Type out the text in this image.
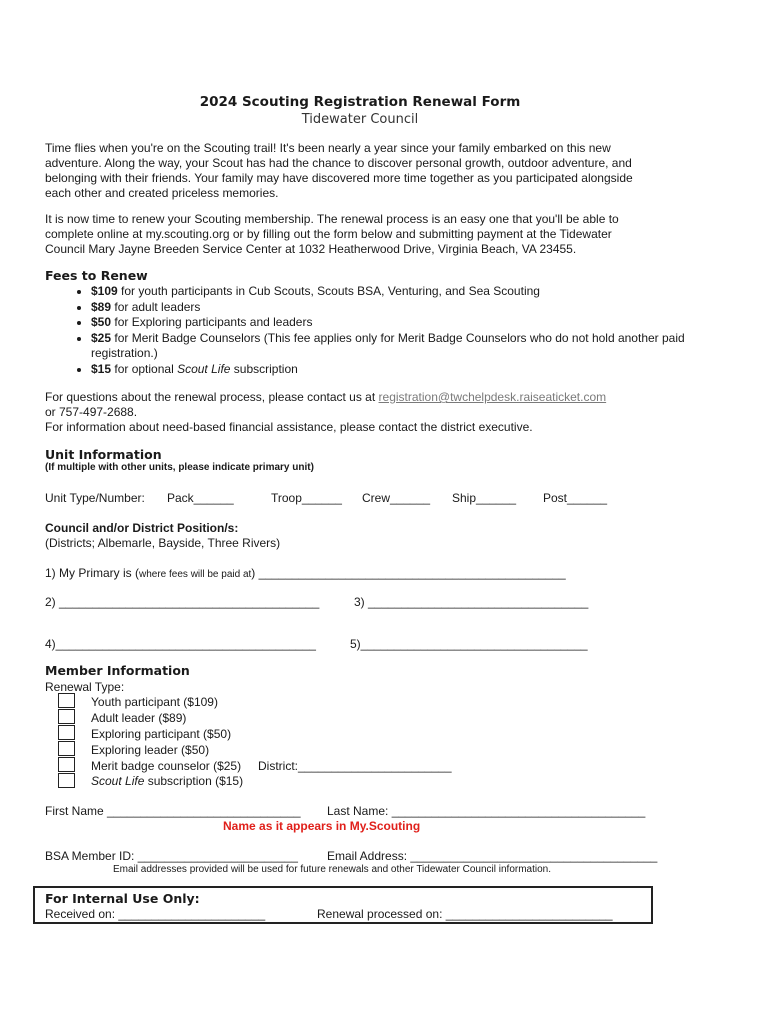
2024 Scouting Registration Renewal Form
Tidewater Council
Time flies when you're on the Scouting trail! It's been nearly a year since your family embarked on this new
adventure. Along the way, your Scout has had the chance to discover personal growth, outdoor adventure, and
belonging with their friends. Your family may have discovered more time together as you participated alongside
each other and created priceless memories.
It is now time to renew your Scouting membership. The renewal process is an easy one that you'll be able to
complete online at my.scouting.org or by filling out the form below and submitting payment at the Tidewater
Council Mary Jayne Breeden Service Center at 1032 Heatherwood Drive, Virginia Beach, VA 23455.
Fees to Renew
• $109 for youth participants in Cub Scouts, Scouts BSA, Venturing, and Sea Scouting
• $89 for adult leaders
• $50 for Exploring participants and leaders
• $25 for Merit Badge Counselors (This fee applies only for Merit Badge Counselors who do not hold another paid registration.)
• $15 for optional Scout Life subscription
For questions about the renewal process, please contact us at registration@twchelpdesk.raiseaticket.com
or 757-497-2688.
For information about need-based financial assistance, please contact the district executive.
Unit Information
(If multiple with other units, please indicate primary unit)
Unit Type/Number: Pack______	Troop______ Crew______ Ship______ Post______
Council and/or District Position/s:
(Districts; Albemarle, Bayside, Three Rivers)
1) My Primary is (where fees will be paid at) ______________________________________________
2) _______________________________________	3) _________________________________
4)_______________________________________	5)__________________________________
Member Information
Renewal Type:
Youth participant ($109)
Adult leader ($89)
Exploring participant ($50)
Exploring leader ($50)
Merit badge counselor ($25) District:_______________________
Scout Life subscription ($15)
First Name _____________________________ Last Name: ______________________________________
Name as it appears in My.Scouting
BSA Member ID: ________________________ Email Address: _____________________________________
Email addresses provided will be used for future renewals and other Tidewater Council information.
For Internal Use Only:
Received on: ______________________	Renewal processed on: _________________________
